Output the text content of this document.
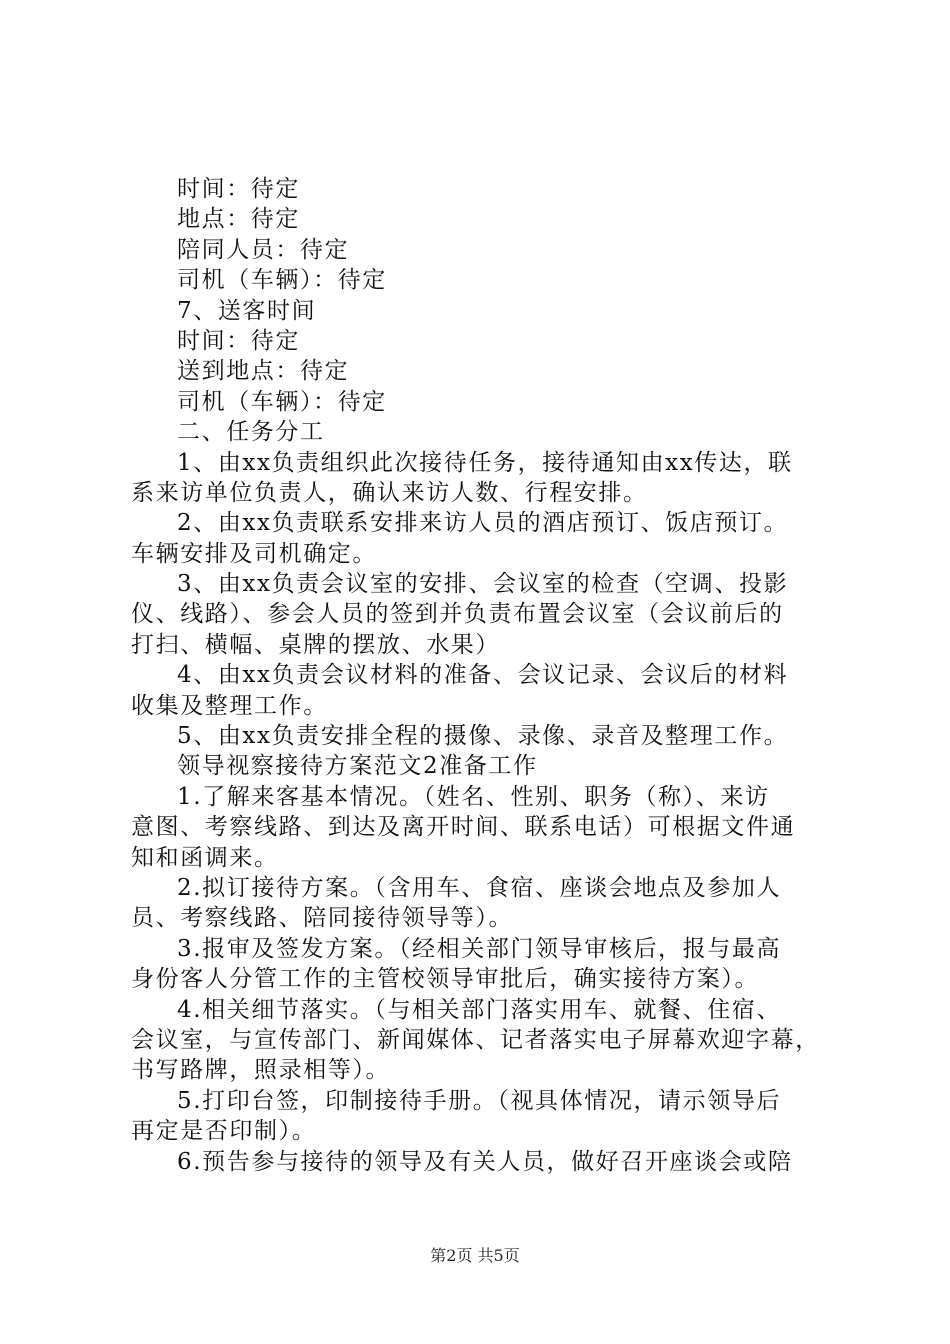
时间：待定
地点：待定
陪同人员：待定
司机（车辆）：待定
7、送客时间
时间：待定
送到地点：待定
司机（车辆）：待定
二、任务分工
1、由xx负责组织此次接待任务，接待通知由xx传达，联
系来访单位负责人，确认来访人数、行程安排。
2、由xx负责联系安排来访人员的酒店预订、饭店预订。
车辆安排及司机确定。
3、由xx负责会议室的安排、会议室的检查（空调、投影
仪、线路）、参会人员的签到并负责布置会议室（会议前后的
打扫、横幅、桌牌的摆放、水果）
4、由xx负责会议材料的准备、会议记录、会议后的材料
收集及整理工作。
5、由xx负责安排全程的摄像、录像、录音及整理工作。
领导视察接待方案范文2准备工作
1.了解来客基本情况。（姓名、性别、职务（称）、来访
意图、考察线路、到达及离开时间、联系电话）可根据文件通
知和函调来。
2.拟订接待方案。（含用车、食宿、座谈会地点及参加人
员、考察线路、陪同接待领导等）。
3.报审及签发方案。（经相关部门领导审核后，报与最高
身份客人分管工作的主管校领导审批后，确实接待方案）。
4.相关细节落实。（与相关部门落实用车、就餐、住宿、
会议室，与宣传部门、新闻媒体、记者落实电子屏幕欢迎字幕，
书写路牌，照录相等）。
5.打印台签，印制接待手册。（视具体情况，请示领导后
再定是否印制）。
6.预告参与接待的领导及有关人员，做好召开座谈会或陪
第2页 共5页
